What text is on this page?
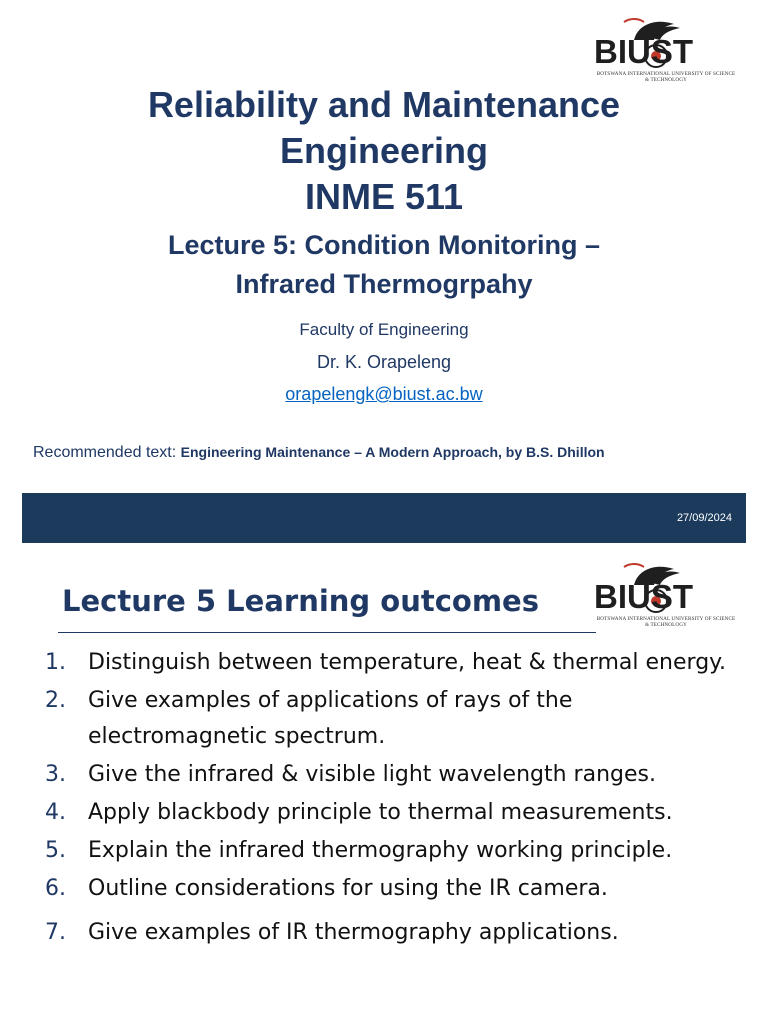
BIUST
BOTSWANA INTERNATIONAL UNIVERSITY OF SCIENCE & TECHNOLOGY
Reliability and Maintenance
Engineering
INME 511
Lecture 5: Condition Monitoring –
Infrared Thermogrpahy
Faculty of Engineering
Dr. K. Orapeleng
orapelengk@biust.ac.bw
Recommended text: Engineering Maintenance – A Modern Approach, by B.S. Dhillon
27/09/2024
BIUST
BOTSWANA INTERNATIONAL UNIVERSITY OF SCIENCE & TECHNOLOGY
Lecture 5 Learning outcomes
1. Distinguish between temperature, heat & thermal energy.
2. Give examples of applications of rays of the electromagnetic spectrum.
3. Give the infrared & visible light wavelength ranges.
4. Apply blackbody principle to thermal measurements.
5. Explain the infrared thermography working principle.
6. Outline considerations for using the IR camera.
7. Give examples of IR thermography applications.
